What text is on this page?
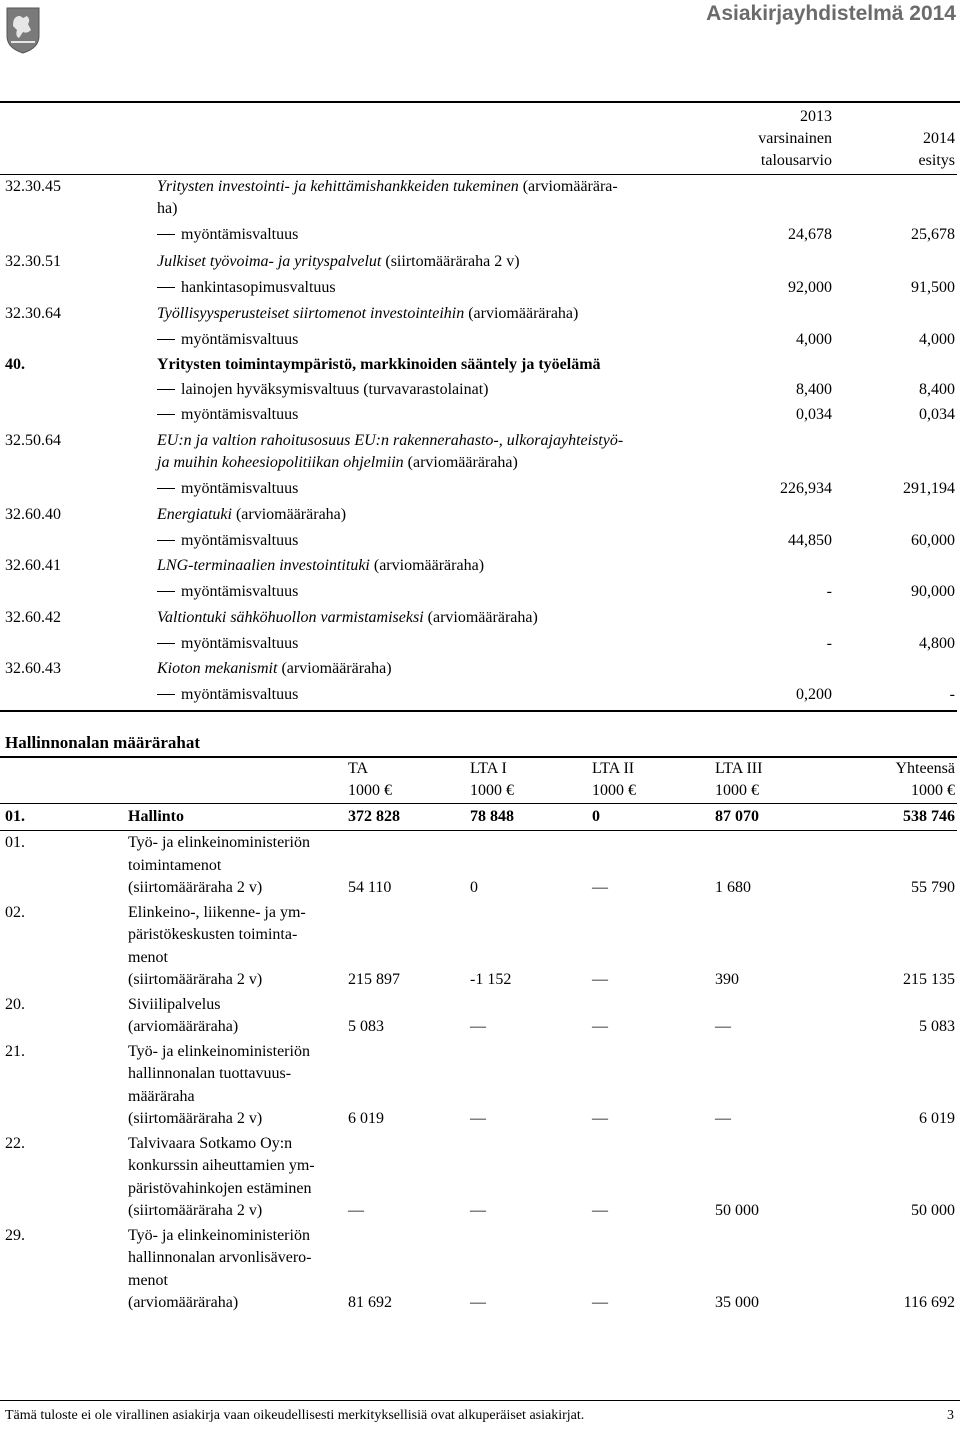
Asiakirjayhdistelmä 2014
2013
varsinainen
talousarvio
2014
esitys
32.30.45	Yritysten investointi- ja kehittämishankkeiden tukeminen (arviomäärära-
ha)
myöntämisvaltuus	24,678	25,678
32.30.51	Julkiset työvoima- ja yrityspalvelut (siirtomääräraha 2 v)
hankintasopimusvaltuus	92,000	91,500
32.30.64	Työllisyysperusteiset siirtomenot investointeihin (arviomääräraha)
myöntämisvaltuus	4,000	4,000
40.	Yritysten toimintaympäristö, markkinoiden sääntely ja työelämä
lainojen hyväksymisvaltuus (turvavarastolainat)	8,400	8,400
myöntämisvaltuus	0,034	0,034
32.50.64	EU:n ja valtion rahoitusosuus EU:n rakennerahasto-, ulkorajayhteistyö-
ja muihin koheesiopolitiikan ohjelmiin (arviomääräraha)
myöntämisvaltuus	226,934	291,194
32.60.40	Energiatuki (arviomääräraha)
myöntämisvaltuus	44,850	60,000
32.60.41	LNG-terminaalien investointituki (arviomääräraha)
myöntämisvaltuus	-	90,000
32.60.42	Valtiontuki sähköhuollon varmistamiseksi (arviomääräraha)
myöntämisvaltuus	-	4,800
32.60.43	Kioton mekanismit (arviomääräraha)
myöntämisvaltuus	0,200	-
Hallinnonalan määrärahat
TA	LTA I	LTA II	LTA III	Yhteensä
1000 €	1000 €	1000 €	1000 €	1000 €
01.	Hallinto	372 828	78 848	0	87 070	538 746
01.	Työ- ja elinkeinoministeriön
toimintamenot
(siirtomääräraha 2 v)	54 110	0	—	1 680	55 790
02.	Elinkeino-, liikenne- ja ym-
päristökeskusten toiminta-
menot
(siirtomääräraha 2 v)	215 897	-1 152	—	390	215 135
20.	Siviilipalvelus
(arviomääräraha)	5 083	—	—	—	5 083
21.	Työ- ja elinkeinoministeriön
hallinnonalan tuottavuus-
määräraha
(siirtomääräraha 2 v)	6 019	—	—	—	6 019
22.	Talvivaara Sotkamo Oy:n
konkurssin aiheuttamien ym-
päristövahinkojen estäminen
(siirtomääräraha 2 v)	—	—	—	50 000	50 000
29.	Työ- ja elinkeinoministeriön
hallinnonalan arvonlisävero-
menot
(arviomääräraha)	81 692	—	—	35 000	116 692
Tämä tuloste ei ole virallinen asiakirja vaan oikeudellisesti merkityksellisiä ovat alkuperäiset asiakirjat.	3
